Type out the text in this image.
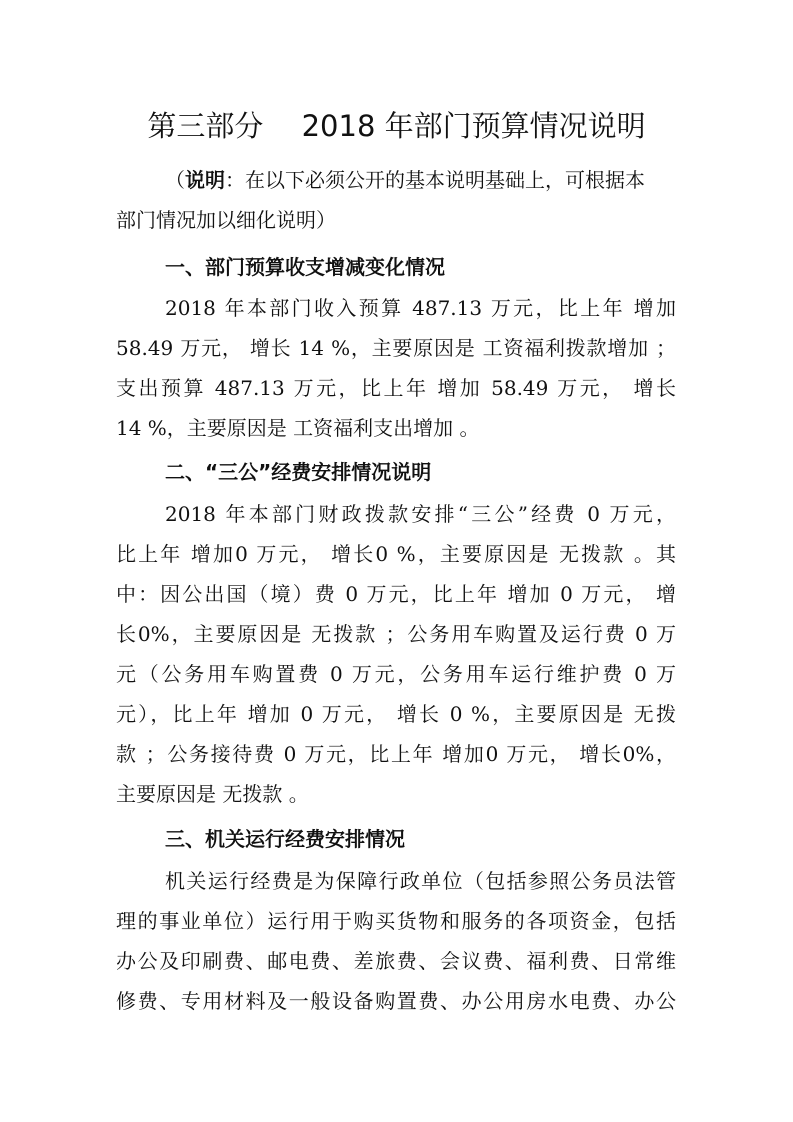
第三部分　 2018 年部门预算情况说明
（说明：在以下必须公开的基本说明基础上，可根据本
部门情况加以细化说明）
一、部门预算收支增减变化情况
2018 年本部门收入预算 487.13 万元，比上年 增加
58.49 万元， 增长 14 %，主要原因是 工资福利拨款增加 ；
支出预算 487.13 万元，比上年 增加 58.49 万元， 增长
14 %，主要原因是 工资福利支出增加 。
二、“三公”经费安排情况说明
2018 年本部门财政拨款安排“三公”经费 0 万元，
比上年 增加0 万元， 增长0 %，主要原因是 无拨款 。其
中：因公出国（境）费 0 万元，比上年 增加 0 万元， 增
长0%，主要原因是 无拨款 ；公务用车购置及运行费 0 万
元（公务用车购置费 0 万元，公务用车运行维护费 0 万
元），比上年 增加 0 万元， 增长 0 %，主要原因是 无拨
款 ；公务接待费 0 万元，比上年 增加0 万元， 增长0%，
主要原因是 无拨款 。
三、机关运行经费安排情况
机关运行经费是为保障行政单位（包括参照公务员法管
理的事业单位）运行用于购买货物和服务的各项资金，包括
办公及印刷费、邮电费、差旅费、会议费、福利费、日常维
修费、专用材料及一般设备购置费、办公用房水电费、办公
